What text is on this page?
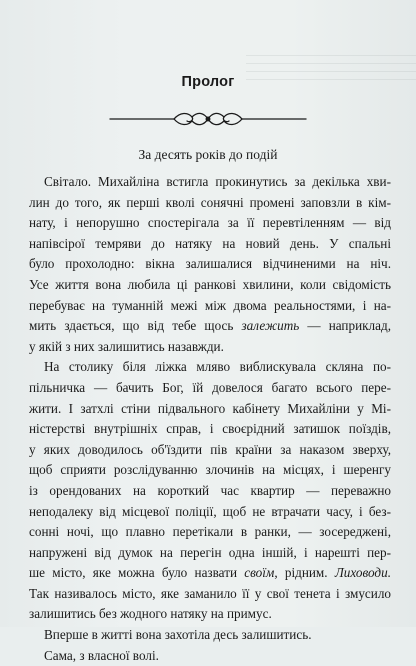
Пролог
За десять років до подій
Світало. Михайліна встигла прокинутись за декілька хви-
лин до того, як перші кволі сонячні промені заповзли в кім-
нату, і непорушно спостерігала за її перевтіленням — від
напівсірої темряви до натяку на новий день. У спальні
було прохолодно: вікна залишалися відчиненими на ніч.
Усе життя вона любила ці ранкові хвилини, коли свідомість
перебуває на туманній межі між двома реальностями, і на-
мить здається, що від тебе щось залежить — наприклад,
у якій з них залишитись назавжди.
На столику біля ліжка мляво виблискувала скляна по-
пільничка — бачить Бог, їй довелося багато всього пере-
жити. І затхлі стіни підвального кабінету Михайліни у Мі-
ністерстві внутрішніх справ, і своєрідний затишок поїздів,
у яких доводилось об'їздити пів країни за наказом зверху,
щоб сприяти розслідуванню злочинів на місцях, і шеренгу
із орендованих на короткий час квартир — переважно
неподалеку від місцевої поліції, щоб не втрачати часу, і без-
сонні ночі, що плавно перетікали в ранки, — зосереджені,
напружені від думок на перегін одна іншій, і нарешті пер-
ше місто, яке можна було назвати своїм, рідним. Лиховоди.
Так називалось місто, яке заманило її у свої тенета і змусило
залишитись без жодного натяку на примус.
Вперше в житті вона захотіла десь залишитись.
Сама, з власної волі.
